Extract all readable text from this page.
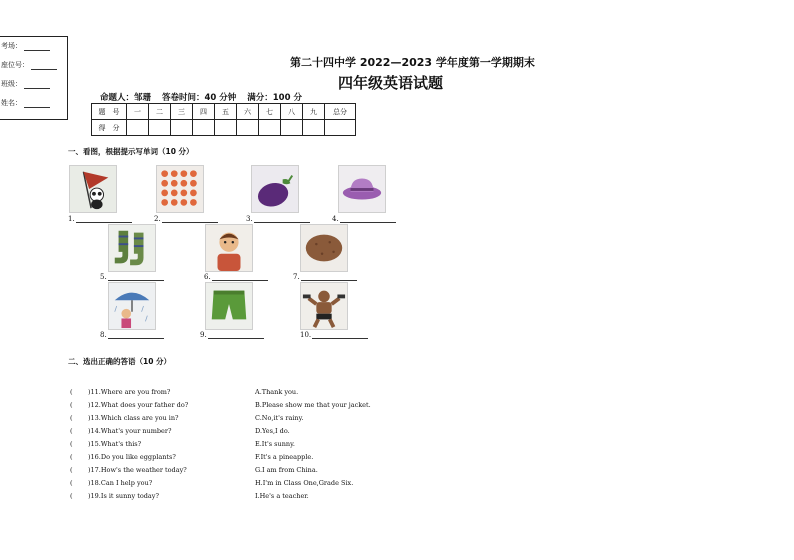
考场：
座位号：
班级：
姓名：
第二十四中学 2022—2023 学年度第一学期期末
四年级英语试题
命题人：邹珊 答卷时间：40 分钟 满分：100 分
题　号	一	二	三	四	五	六	七	八	九	总分
得　分										
一、看图，根据提示写单词（10 分）
1.	2.	3.	4.
5.	6.	7.
8.	9.	10.
二、选出正确的答语（10 分）
( )11.Where are you from?
( )12.What does your father do?
( )13.Which class are you in?
( )14.What's your number?
( )15.What's this?
( )16.Do you like eggplants?
( )17.How's the weather today?
( )18.Can I help you?
( )19.Is it sunny today?
A.Thank you.
B.Please show me that your jacket.
C.No,it's rainy.
D.Yes,I do.
E.It's sunny.
F.It's a pineapple.
G.I am from China.
H.I'm in Class One,Grade Six.
I.He's a teacher.
